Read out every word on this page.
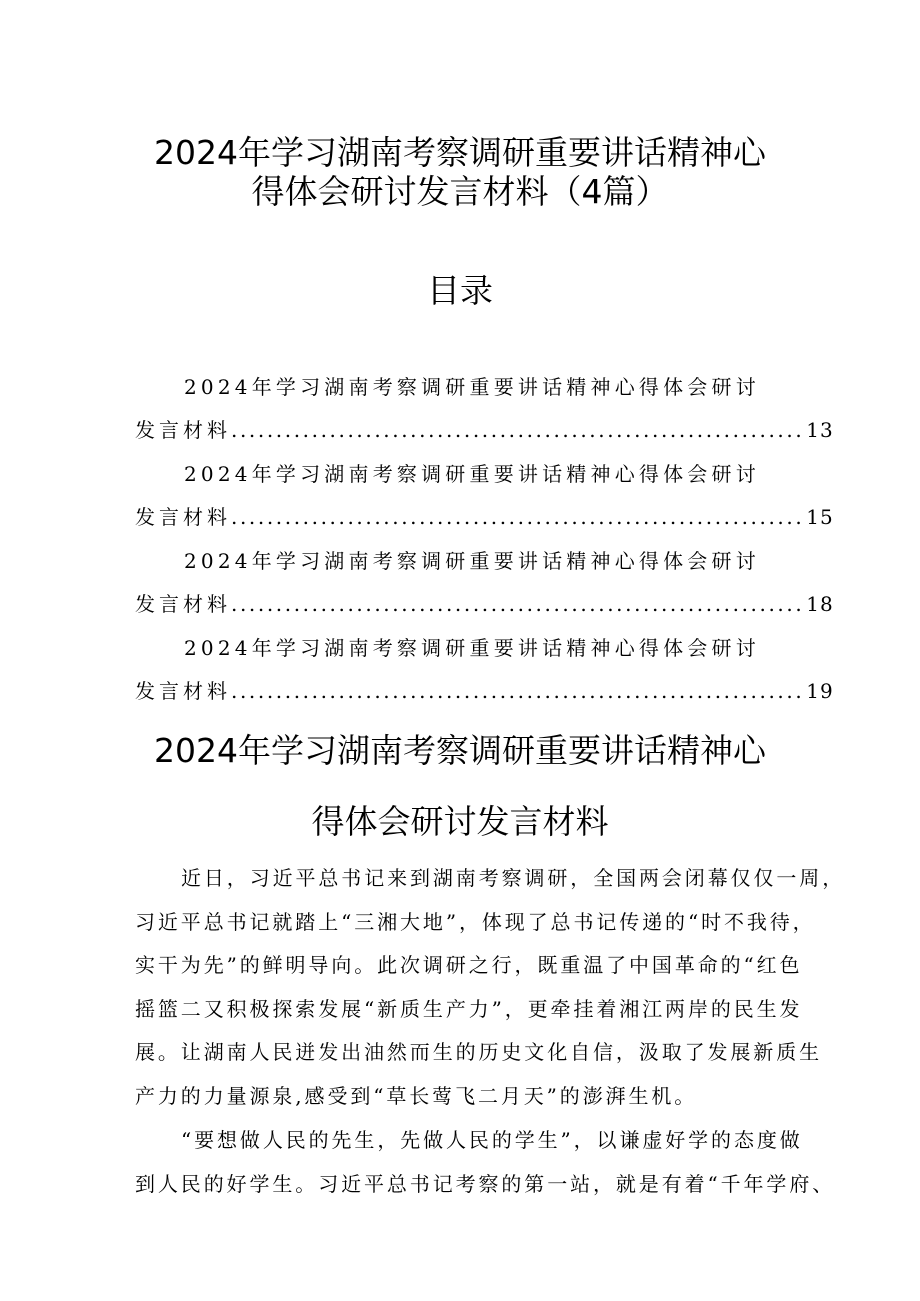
2024年学习湖南考察调研重要讲话精神心
得体会研讨发言材料（4篇）
目录
2024年学习湖南考察调研重要讲话精神心得体会研讨
发言材料 ................................................................ 13
2024年学习湖南考察调研重要讲话精神心得体会研讨
发言材料 ................................................................ 15
2024年学习湖南考察调研重要讲话精神心得体会研讨
发言材料 ................................................................ 18
2024年学习湖南考察调研重要讲话精神心得体会研讨
发言材料 ................................................................ 19
2024年学习湖南考察调研重要讲话精神心
得体会研讨发言材料
近日，习近平总书记来到湖南考察调研，全国两会闭幕仅仅一周，
习近平总书记就踏上“三湘大地”，体现了总书记传递的“时不我待，
实干为先”的鲜明导向。此次调研之行，既重温了中国革命的“红色
摇篮二又积极探索发展“新质生产力”，更牵挂着湘江两岸的民生发
展。让湖南人民迸发出油然而生的历史文化自信，汲取了发展新质生
产力的力量源泉,感受到“草长莺飞二月天”的澎湃生机。
“要想做人民的先生，先做人民的学生”，以谦虚好学的态度做
到人民的好学生。习近平总书记考察的第一站，就是有着“千年学府、
